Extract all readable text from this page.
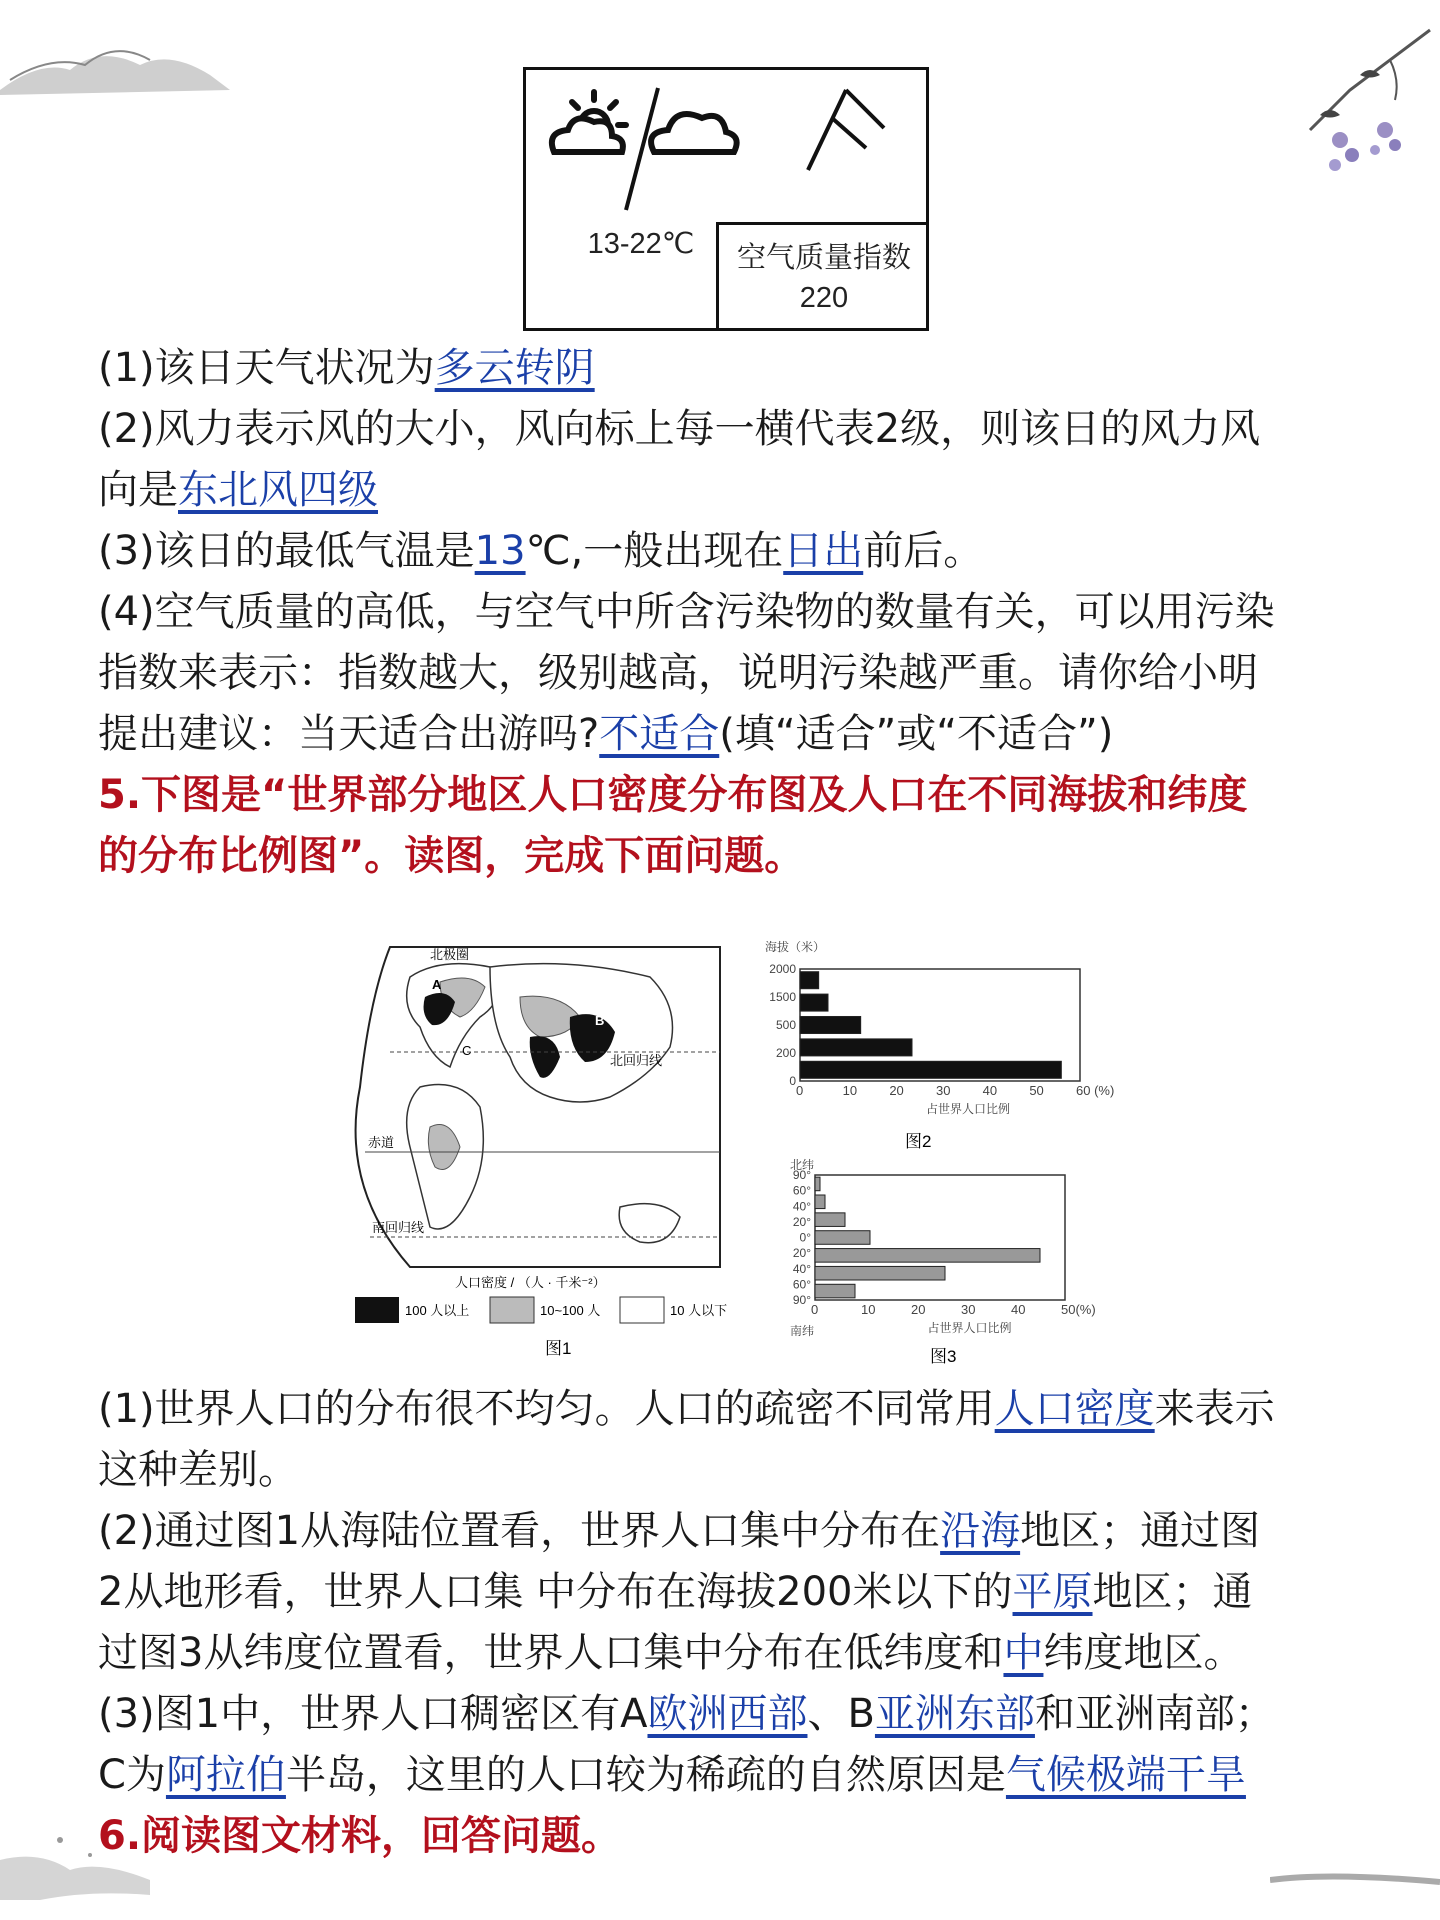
13-22℃	空气质量指数
220

(1)该日天气状况为多云转阴

(2)风力表示风的大小，风向标上每一横代表2级，则该日的风力风

向是东北风四级

(3)该日的最低气温是13℃,一般出现在日出前后。

(4)空气质量的高低，与空气中所含污染物的数量有关，可以用污染

指数来表示：指数越大，级别越高，说明污染越严重。请你给小明

提出建议：当天适合出游吗?不适合(填“适合”或“不适合”)

5.下图是“世界部分地区人口密度分布图及人口在不同海拔和纬度

的分布比例图”。读图，完成下面问题。

北极圈
A
B
C
北回归线
赤道
南回归线
人口密度 / （人 · 千米⁻²）
100 人以上	10~100 人	10 人以下
图1
0	10 20 30 40 50 60 (%)
0
200
500
1500
2000
占世界人口比例
海拔（米）
图2
0	10	20	30	40	50(%)
90°
60°
40°
20°
0°
20°
40°
60°
90°
占世界人口比例
北纬
南纬
图3

(1)世界人口的分布很不均匀。人口的疏密不同常用人口密度来表示

这种差别。

(2)通过图1从海陆位置看，世界人口集中分布在沿海地区；通过图

2从地形看，世界人口集 中分布在海拔200米以下的平原地区；通

过图3从纬度位置看，世界人口集中分布在低纬度和中纬度地区。

(3)图1中，世界人口稠密区有A欧洲西部、B亚洲东部和亚洲南部；

C为阿拉伯半岛，这里的人口较为稀疏的自然原因是气候极端干旱

6.阅读图文材料，回答问题。
